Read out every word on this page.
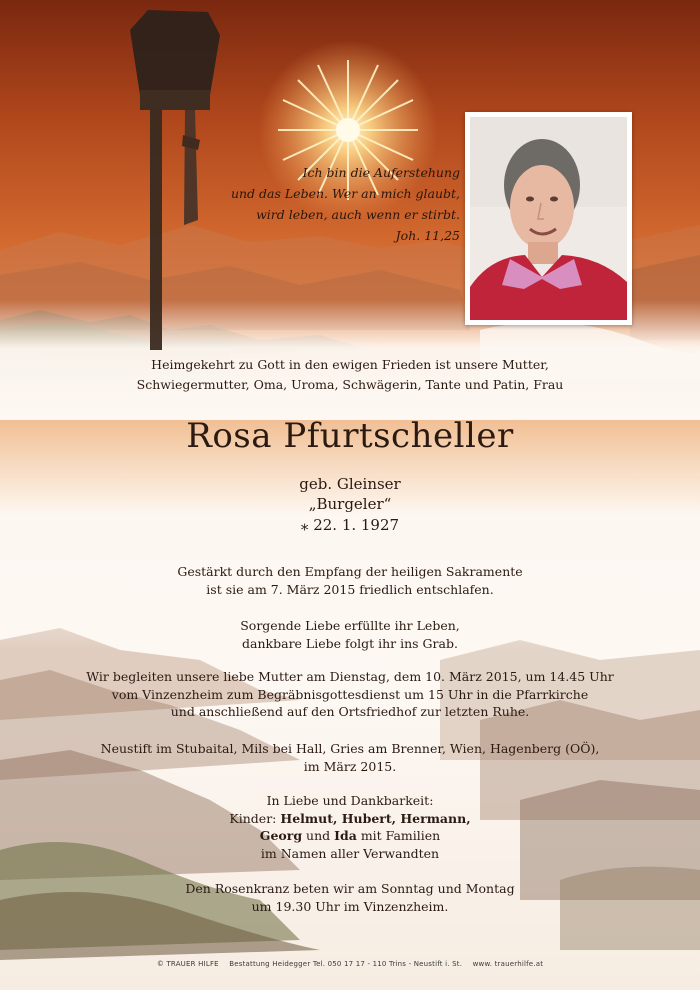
Ich bin die Auferstehung
und das Leben. Wer an mich glaubt,
wird leben, auch wenn er stirbt.
Joh. 11,25
Heimgekehrt zu Gott in den ewigen Frieden ist unsere Mutter,
Schwiegermutter, Oma, Uroma, Schwägerin, Tante und Patin, Frau
Rosa Pfurtscheller
geb. Gleinser
„Burgeler“
⁎ 22. 1. 1927
Gestärkt durch den Empfang der heiligen Sakramente
ist sie am 7. März 2015 friedlich entschlafen.
Sorgende Liebe erfüllte ihr Leben,
dankbare Liebe folgt ihr ins Grab.
Wir begleiten unsere liebe Mutter am Dienstag, dem 10. März 2015, um 14.45 Uhr
vom Vinzenzheim zum Begräbnisgottesdienst um 15 Uhr in die Pfarrkirche
und anschließend auf den Ortsfriedhof zur letzten Ruhe.
Neustift im Stubaital, Mils bei Hall, Gries am Brenner, Wien, Hagenberg (OÖ),
im März 2015.
In Liebe und Dankbarkeit:
Kinder: Helmut, Hubert, Hermann,
Georg und Ida mit Familien
im Namen aller Verwandten
Den Rosenkranz beten wir am Sonntag und Montag
um 19.30 Uhr im Vinzenzheim.
© TRAUER HILFE Bestattung Heidegger Tel. 050 17 17 - 110 Trins - Neustift i. St. www. trauerhilfe.at
